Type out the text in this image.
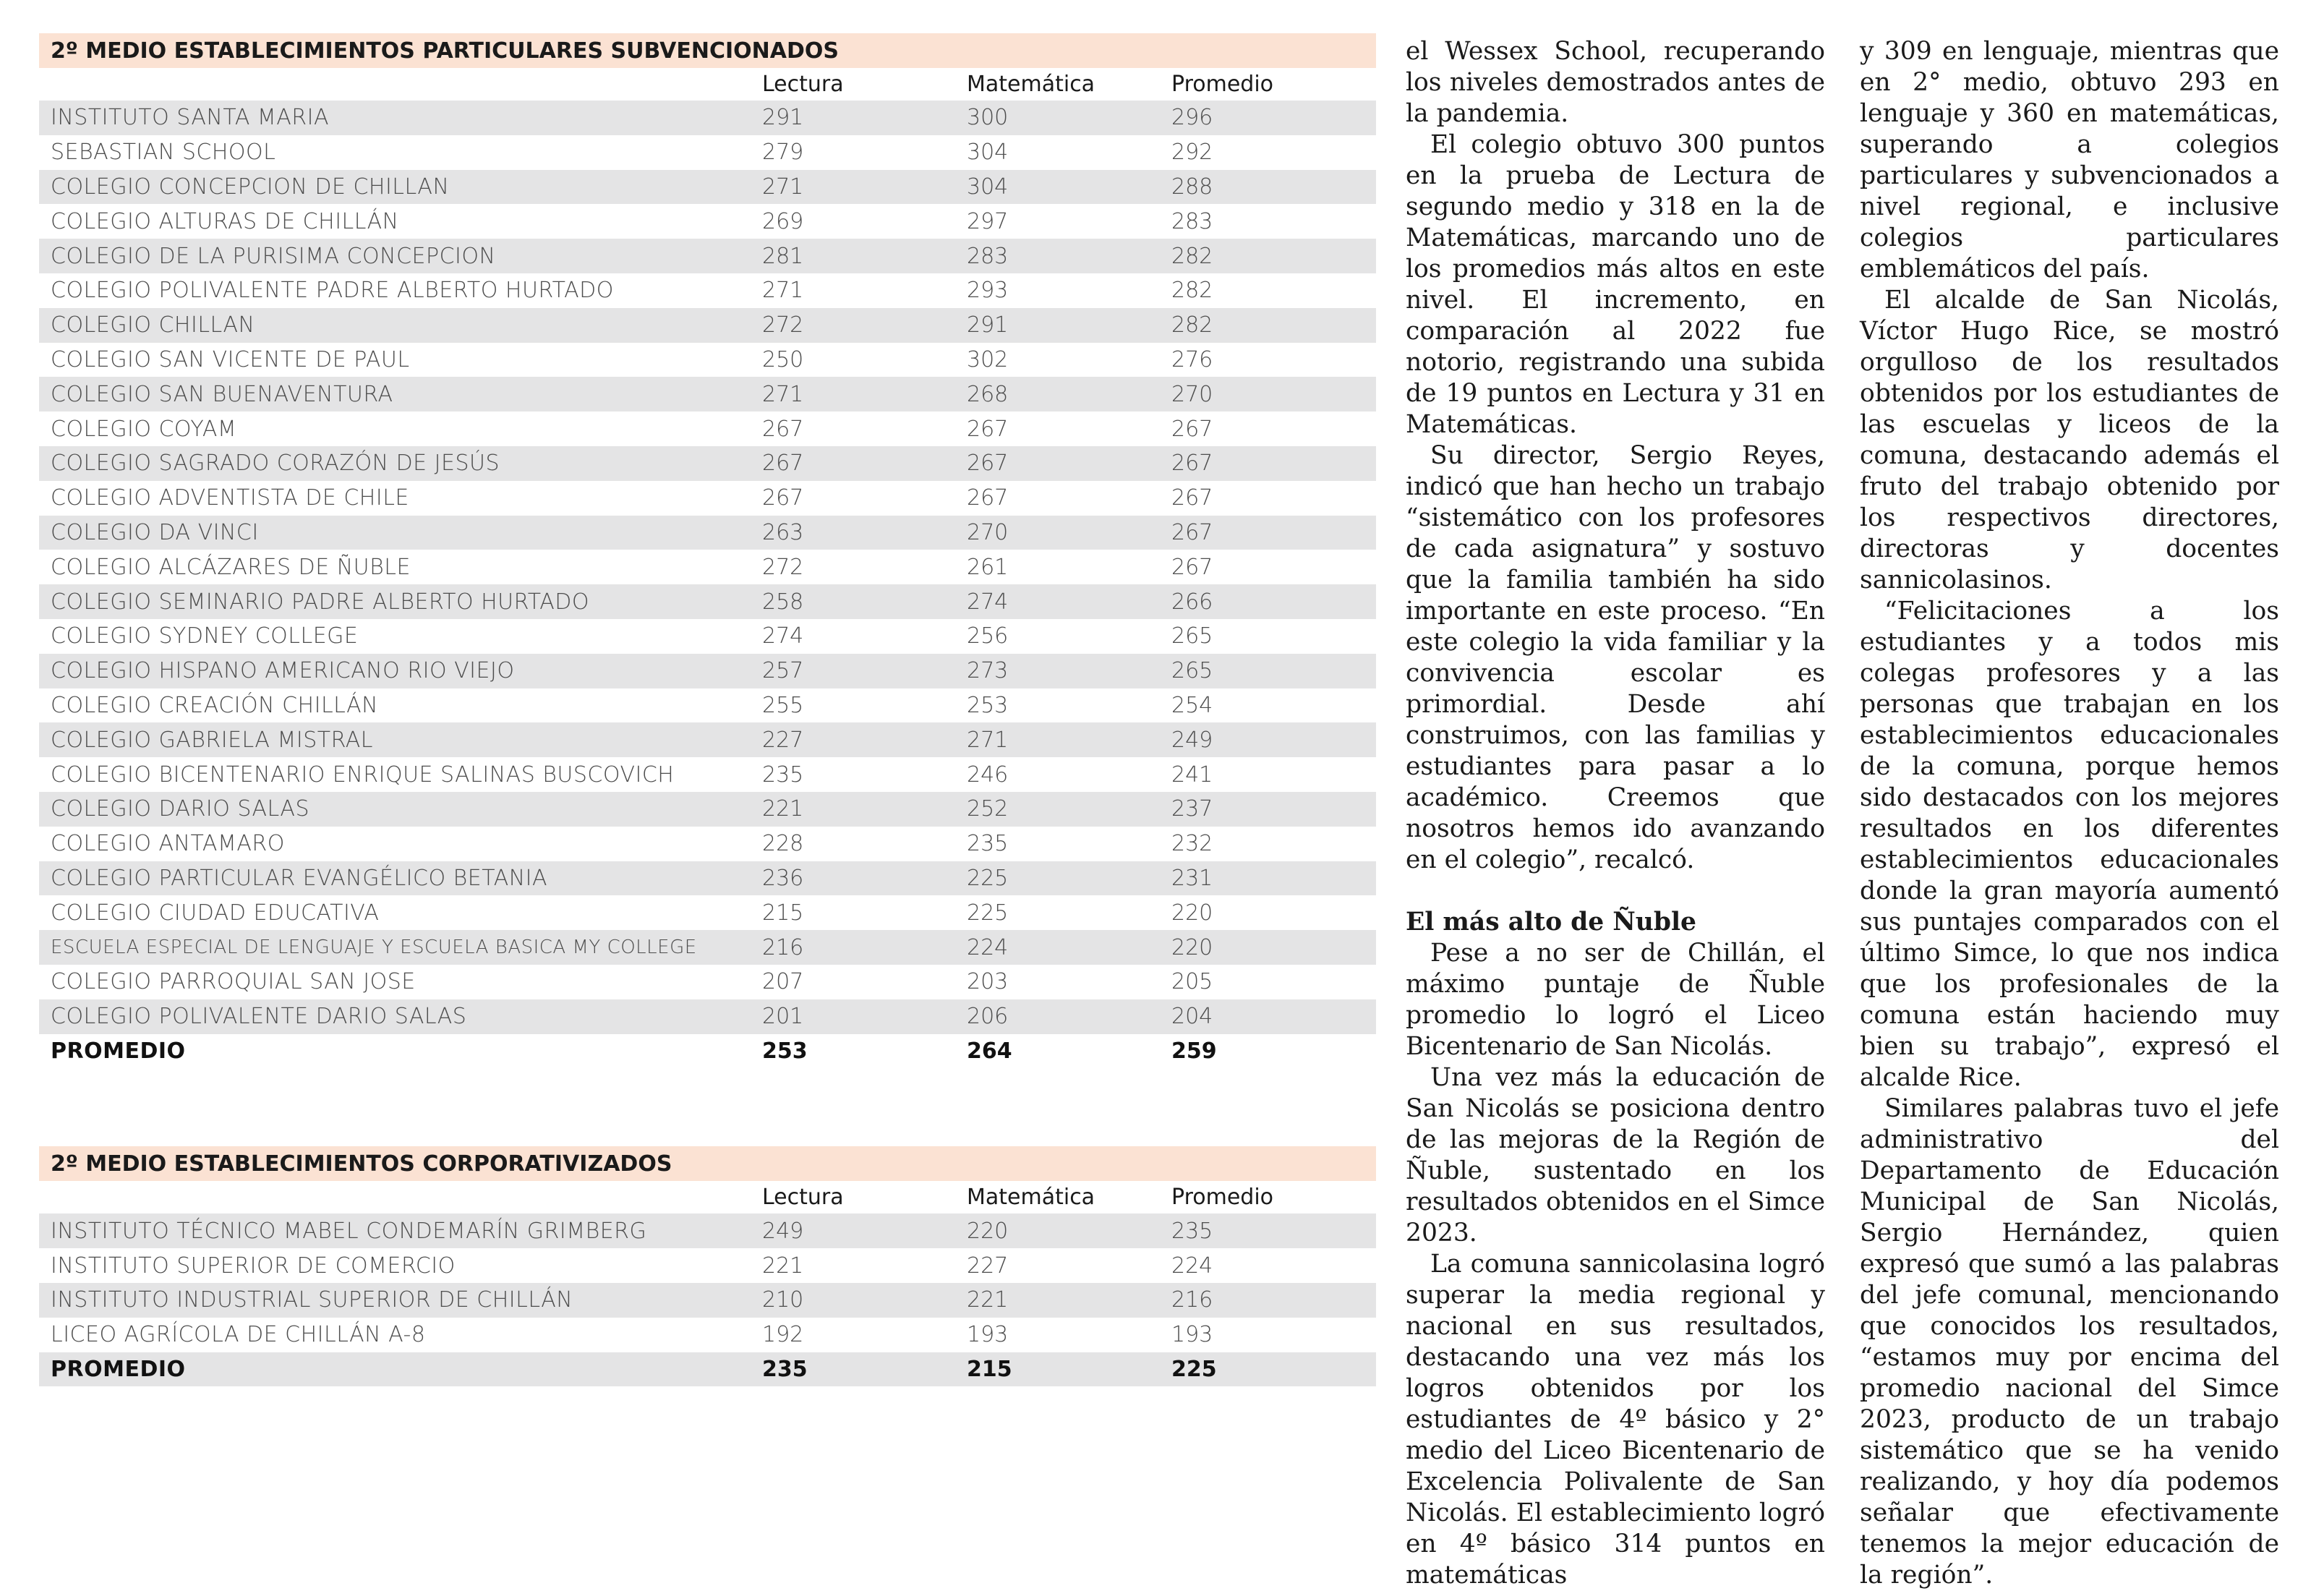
2º MEDIO ESTABLECIMIENTOS PARTICULARES SUBVENCIONADOS			
	Lectura	Matemática	Promedio
INSTITUTO SANTA MARIA	291	300	296
SEBASTIAN SCHOOL	279	304	292
COLEGIO CONCEPCION DE CHILLAN	271	304	288
COLEGIO ALTURAS DE CHILLÁN	269	297	283
COLEGIO DE LA PURISIMA CONCEPCION	281	283	282
COLEGIO POLIVALENTE PADRE ALBERTO HURTADO	271	293	282
COLEGIO CHILLAN	272	291	282
COLEGIO SAN VICENTE DE PAUL	250	302	276
COLEGIO SAN BUENAVENTURA	271	268	270
COLEGIO COYAM	267	267	267
COLEGIO SAGRADO CORAZÓN DE JESÚS	267	267	267
COLEGIO ADVENTISTA DE CHILE	267	267	267
COLEGIO DA VINCI	263	270	267
COLEGIO ALCÁZARES DE ÑUBLE	272	261	267
COLEGIO SEMINARIO PADRE ALBERTO HURTADO	258	274	266
COLEGIO SYDNEY COLLEGE	274	256	265
COLEGIO HISPANO AMERICANO RIO VIEJO	257	273	265
COLEGIO CREACIÓN CHILLÁN	255	253	254
COLEGIO GABRIELA MISTRAL	227	271	249
COLEGIO BICENTENARIO ENRIQUE SALINAS BUSCOVICH	235	246	241
COLEGIO DARIO SALAS	221	252	237
COLEGIO ANTAMARO	228	235	232
COLEGIO PARTICULAR EVANGÉLICO BETANIA	236	225	231
COLEGIO CIUDAD EDUCATIVA	215	225	220
ESCUELA ESPECIAL DE LENGUAJE Y ESCUELA BASICA MY COLLEGE	216	224	220
COLEGIO PARROQUIAL SAN JOSE	207	203	205
COLEGIO POLIVALENTE DARIO SALAS	201	206	204
PROMEDIO	253	264	259
2º MEDIO ESTABLECIMIENTOS CORPORATIVIZADOS			
	Lectura	Matemática	Promedio
INSTITUTO TÉCNICO MABEL CONDEMARÍN GRIMBERG	249	220	235
INSTITUTO SUPERIOR DE COMERCIO	221	227	224
INSTITUTO INDUSTRIAL SUPERIOR DE CHILLÁN	210	221	216
LICEO AGRÍCOLA DE CHILLÁN A-8	192	193	193
PROMEDIO	235	215	225

el Wessex School, recuperando los niveles demostrados antes de la pandemia.

El colegio obtuvo 300 puntos en la prueba de Lectura de segundo medio y 318 en la de Matemáticas, marcando uno de los promedios más altos en este nivel. El incremento, en comparación al 2022 fue notorio, registrando una subida de 19 puntos en Lectura y 31 en Matemáticas.

Su director, Sergio Reyes, indicó que han hecho un trabajo “sistemático con los profesores de cada asignatura” y sostuvo que la familia también ha sido importante en este proceso. “En este colegio la vida familiar y la convivencia escolar es primordial. Desde ahí construimos, con las familias y estudiantes para pasar a lo académico. Creemos que nosotros hemos ido avanzando en el colegio”, recalcó.

El más alto de Ñuble

Pese a no ser de Chillán, el máximo puntaje de Ñuble promedio lo logró el Liceo Bicentenario de San Nicolás.

Una vez más la educación de San Nicolás se posiciona dentro de las mejoras de la Región de Ñuble, sustentado en los resultados obtenidos en el Simce 2023.

La comuna sannicolasina logró superar la media regional y nacional en sus resultados, destacando una vez más los logros obtenidos por los estudiantes de 4º básico y 2° medio del Liceo Bicentenario de Excelencia Polivalente de San Nicolás. El establecimiento logró en 4º básico 314 puntos en matemáticas

y 309 en lenguaje, mientras que en 2° medio, obtuvo 293 en lenguaje y 360 en matemáticas, superando a colegios particulares y subvencionados a nivel regional, e inclusive colegios particulares emblemáticos del país.

El alcalde de San Nicolás, Víctor Hugo Rice, se mostró orgulloso de los resultados obtenidos por los estudiantes de las escuelas y liceos de la comuna, destacando además el fruto del trabajo obtenido por los respectivos directores, directoras y docentes sannicolasinos.

“Felicitaciones a los estudiantes y a todos mis colegas profesores y a las personas que trabajan en los establecimientos educacionales de la comuna, porque hemos sido destacados con los mejores resultados en los diferentes establecimientos educacionales donde la gran mayoría aumentó sus puntajes comparados con el último Simce, lo que nos indica que los profesionales de la comuna están haciendo muy bien su trabajo”, expresó el alcalde Rice.

Similares palabras tuvo el jefe administrativo del Departamento de Educación Municipal de San Nicolás, Sergio Hernández, quien expresó que sumó a las palabras del jefe comunal, mencionando que conocidos los resultados, “estamos muy por encima del promedio nacional del Simce 2023, producto de un trabajo sistemático que se ha venido realizando, y hoy día podemos señalar que efectivamente tenemos la mejor educación de la región”.
